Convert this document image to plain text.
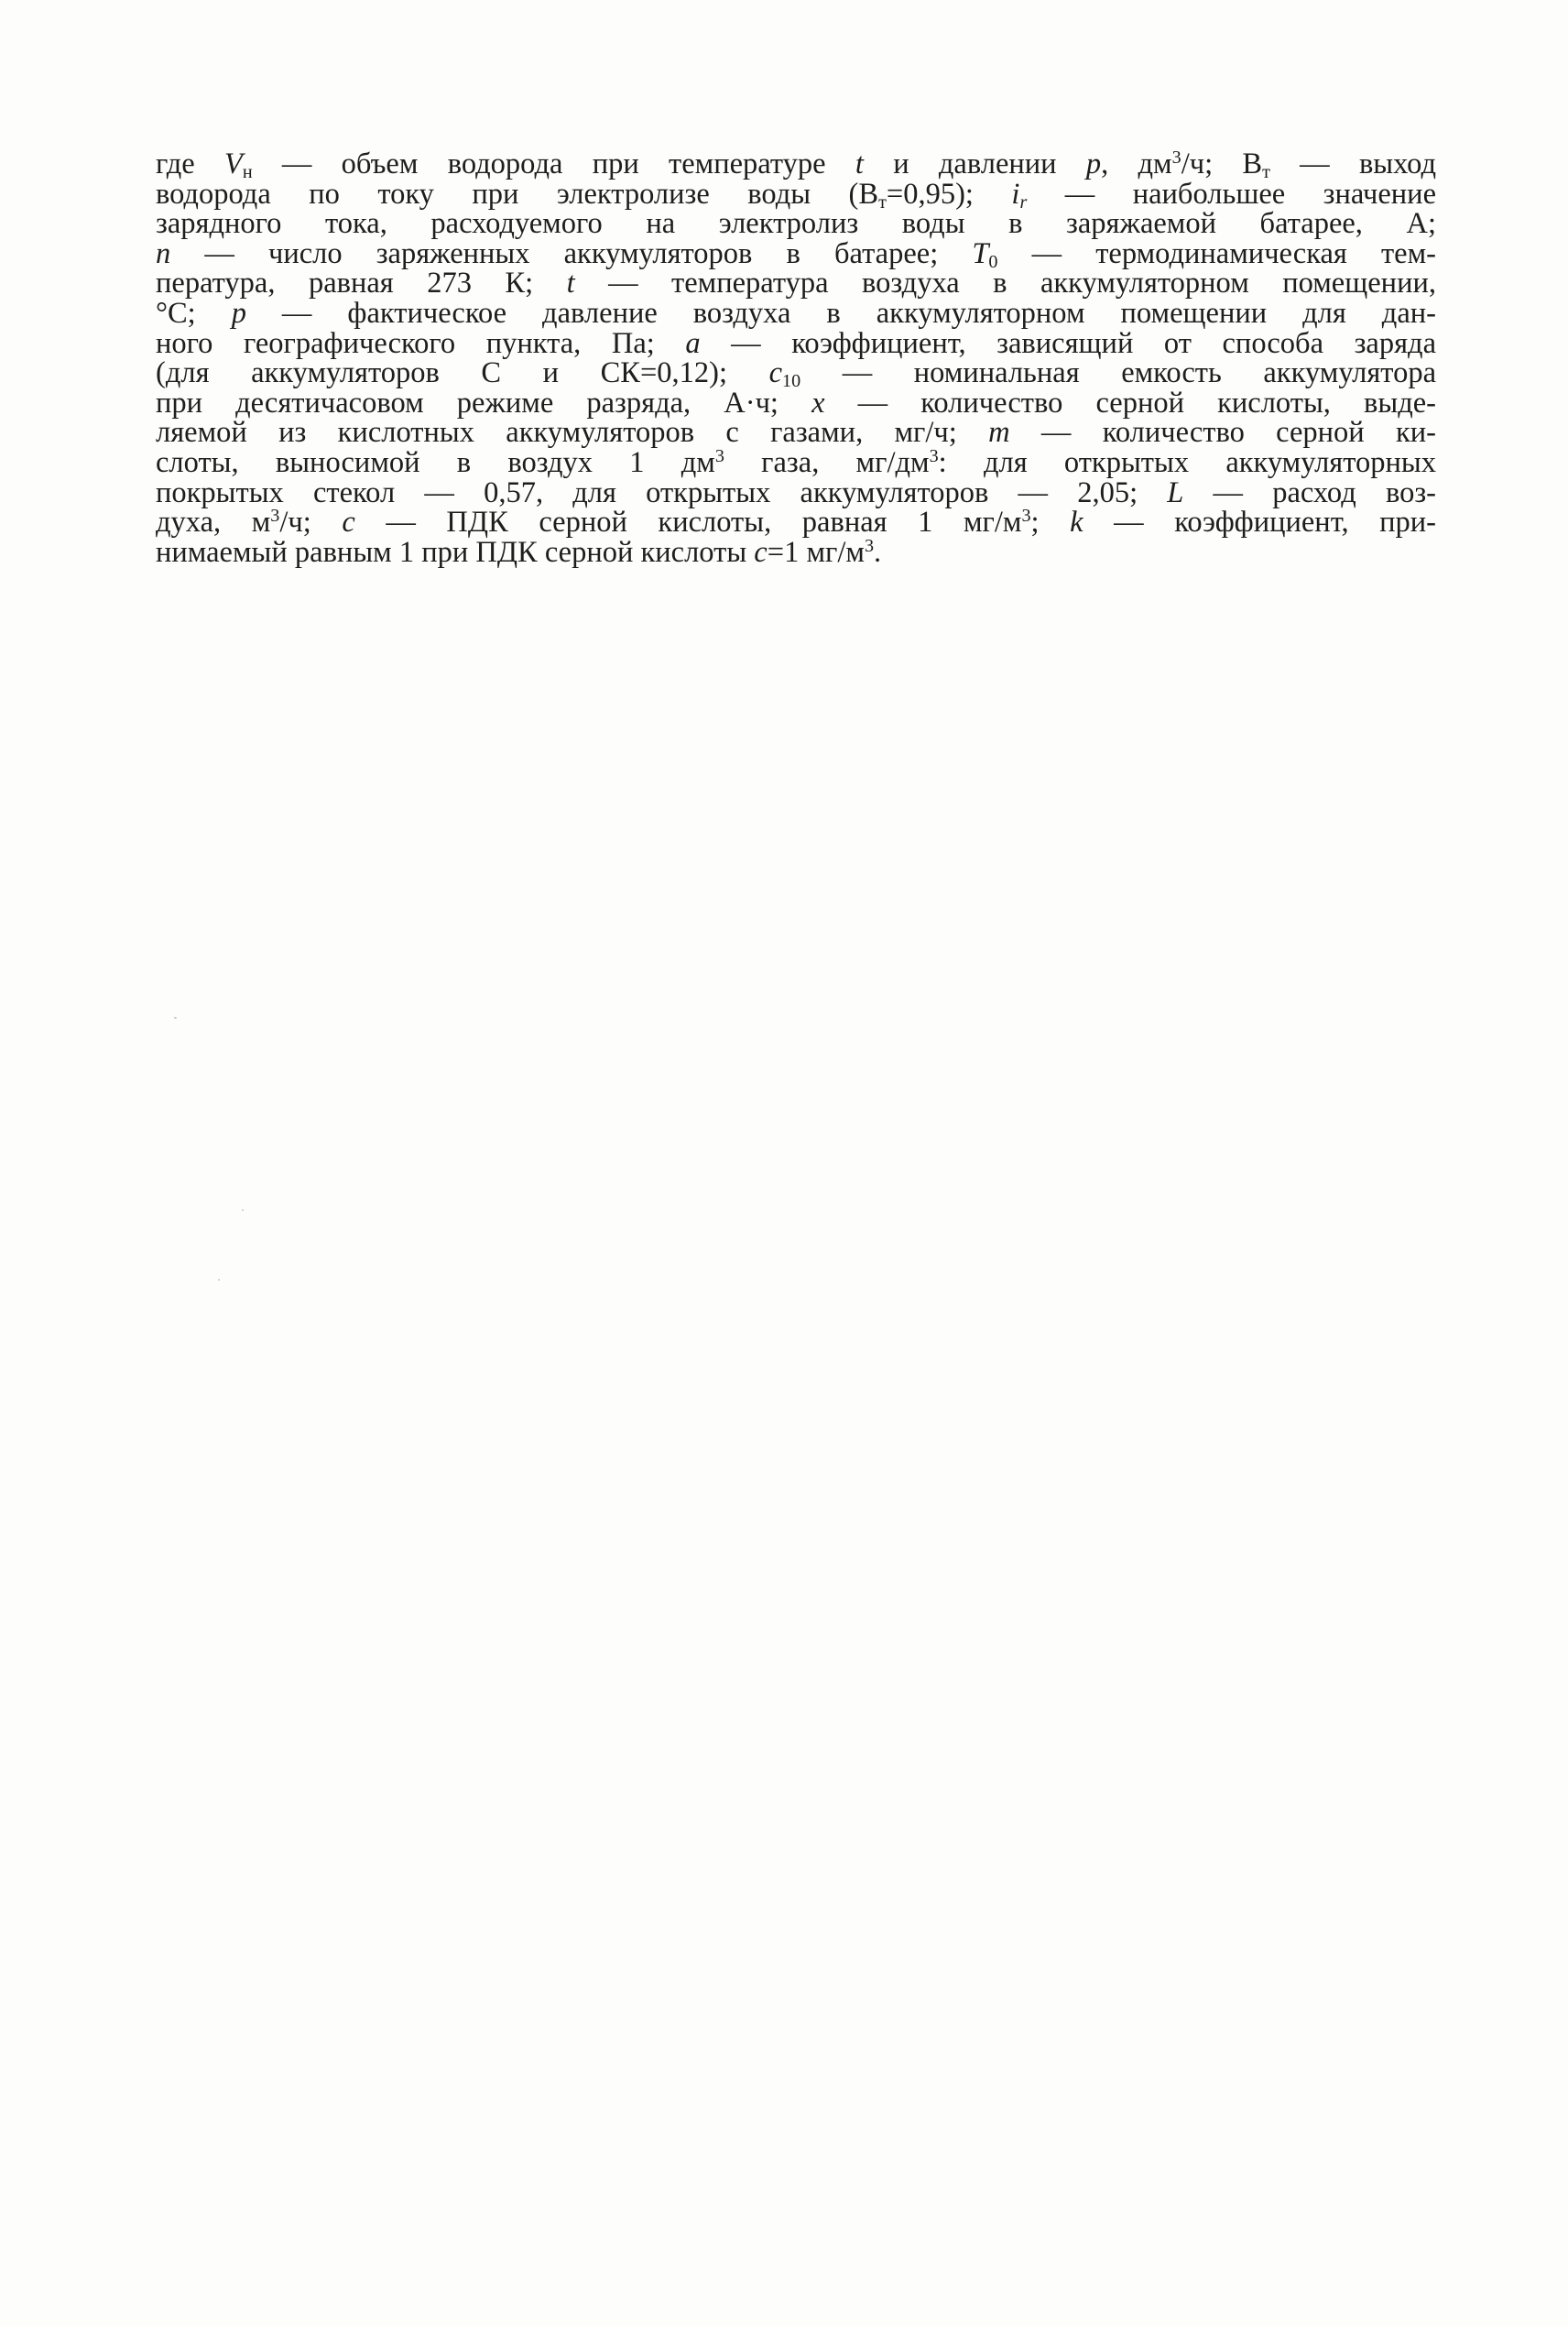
где $V_н$ — объем водорода при температуре t и давлении p, $дм^3/ч$; $В_т$ — выход
водорода по току при электролизе воды $(В_т=0,95)$; $i_r$ — наибольшее значение
зарядного тока, расходуемого на электролиз воды в заряжаемой батарее, А;
n — число заряженных аккумуляторов в батарее; $T_0$ — термодинамическая тем-
пература, равная 273 К; t — температура воздуха в аккумуляторном помещении,
°С; p — фактическое давление воздуха в аккумуляторном помещении для дан-
ного географического пункта, Па; a — коэффициент, зависящий от способа заряда
(для аккумуляторов С и СК=0,12); $c_{10}$ — номинальная емкость аккумулятора
при десятичасовом режиме разряда, А·ч; x — количество серной кислоты, выде-
ляемой из кислотных аккумуляторов с газами, мг/ч; m — количество серной ки-
слоты, выносимой в воздух 1 $дм^3$ газа, $мг/дм^3$: для открытых аккумуляторных
покрытых стекол — 0,57, для открытых аккумуляторов — 2,05; L — расход воз-
духа, $м^3/ч$; c — ПДК серной кислоты, равная 1 $мг/м^3$; k — коэффициент, при-
нимаемый равным 1 при ПДК серной кислоты c=1 $мг/м^3$.
